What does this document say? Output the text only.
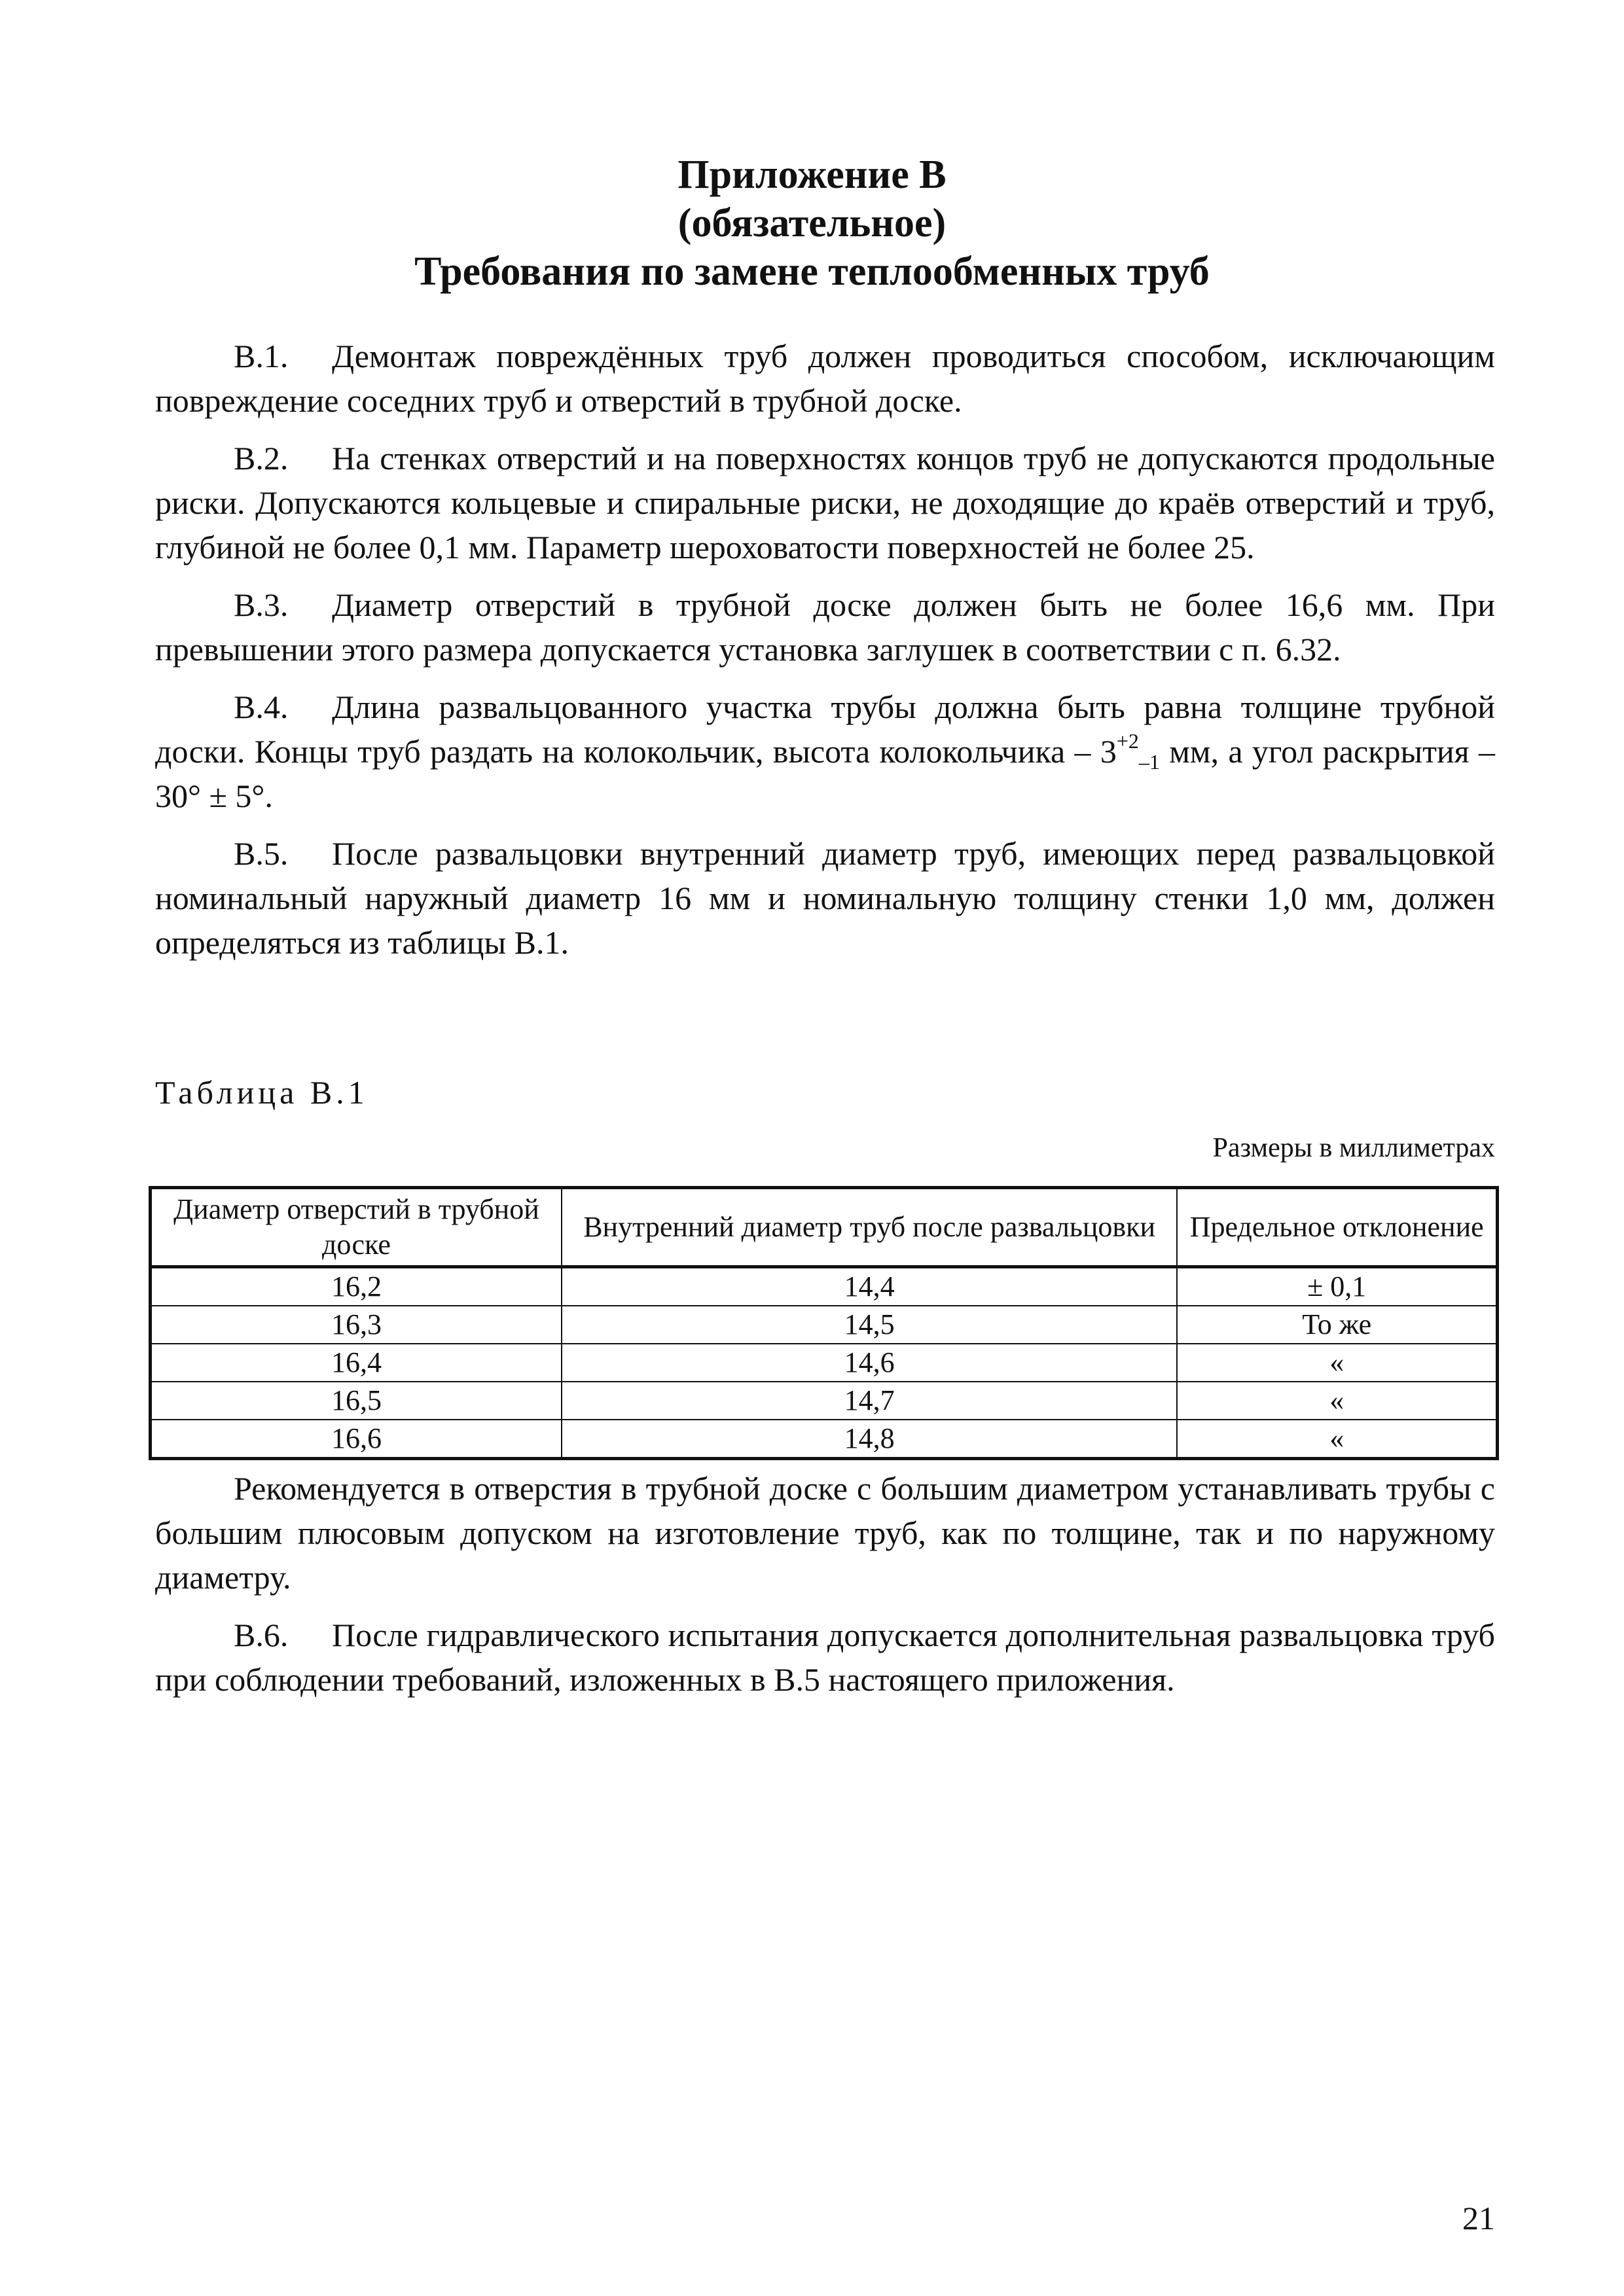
Приложение В
(обязательное)
Требования по замене теплообменных труб

В.1. Демонтаж повреждённых труб должен проводиться способом, исключающим повреждение соседних труб и отверстий в трубной доске.

В.2. На стенках отверстий и на поверхностях концов труб не допускаются продольные риски. Допускаются кольцевые и спиральные риски, не доходящие до краёв отверстий и труб, глубиной не более 0,1 мм. Параметр шероховатости поверхностей не более 25.

В.3. Диаметр отверстий в трубной доске должен быть не более 16,6 мм. При превышении этого размера допускается установка заглушек в соответствии с п. 6.32.

В.4. Длина развальцованного участка трубы должна быть равна толщине трубной доски. Концы труб раздать на колокольчик, высота колокольчика – $3^{+2}_{-1}$ мм, а угол раскрытия – 30° ± 5°.

В.5. После развальцовки внутренний диаметр труб, имеющих перед развальцовкой номинальный наружный диаметр 16 мм и номинальную толщину стенки 1,0 мм, должен определяться из таблицы В.1.

Таблица В.1
Размеры в миллиметрах
Диаметр отверстий в трубной доске	Внутренний диаметр труб после развальцовки	Предельное отклонение
16,2	14,4	± 0,1
16,3	14,5	То же
16,4	14,6	«
16,5	14,7	«
16,6	14,8	«

Рекомендуется в отверстия в трубной доске с большим диаметром устанавливать трубы с большим плюсовым допуском на изготовление труб, как по толщине, так и по наружному диаметру.

В.6. После гидравлического испытания допускается дополнительная развальцовка труб при соблюдении требований, изложенных в В.5 настоящего приложения.

21
